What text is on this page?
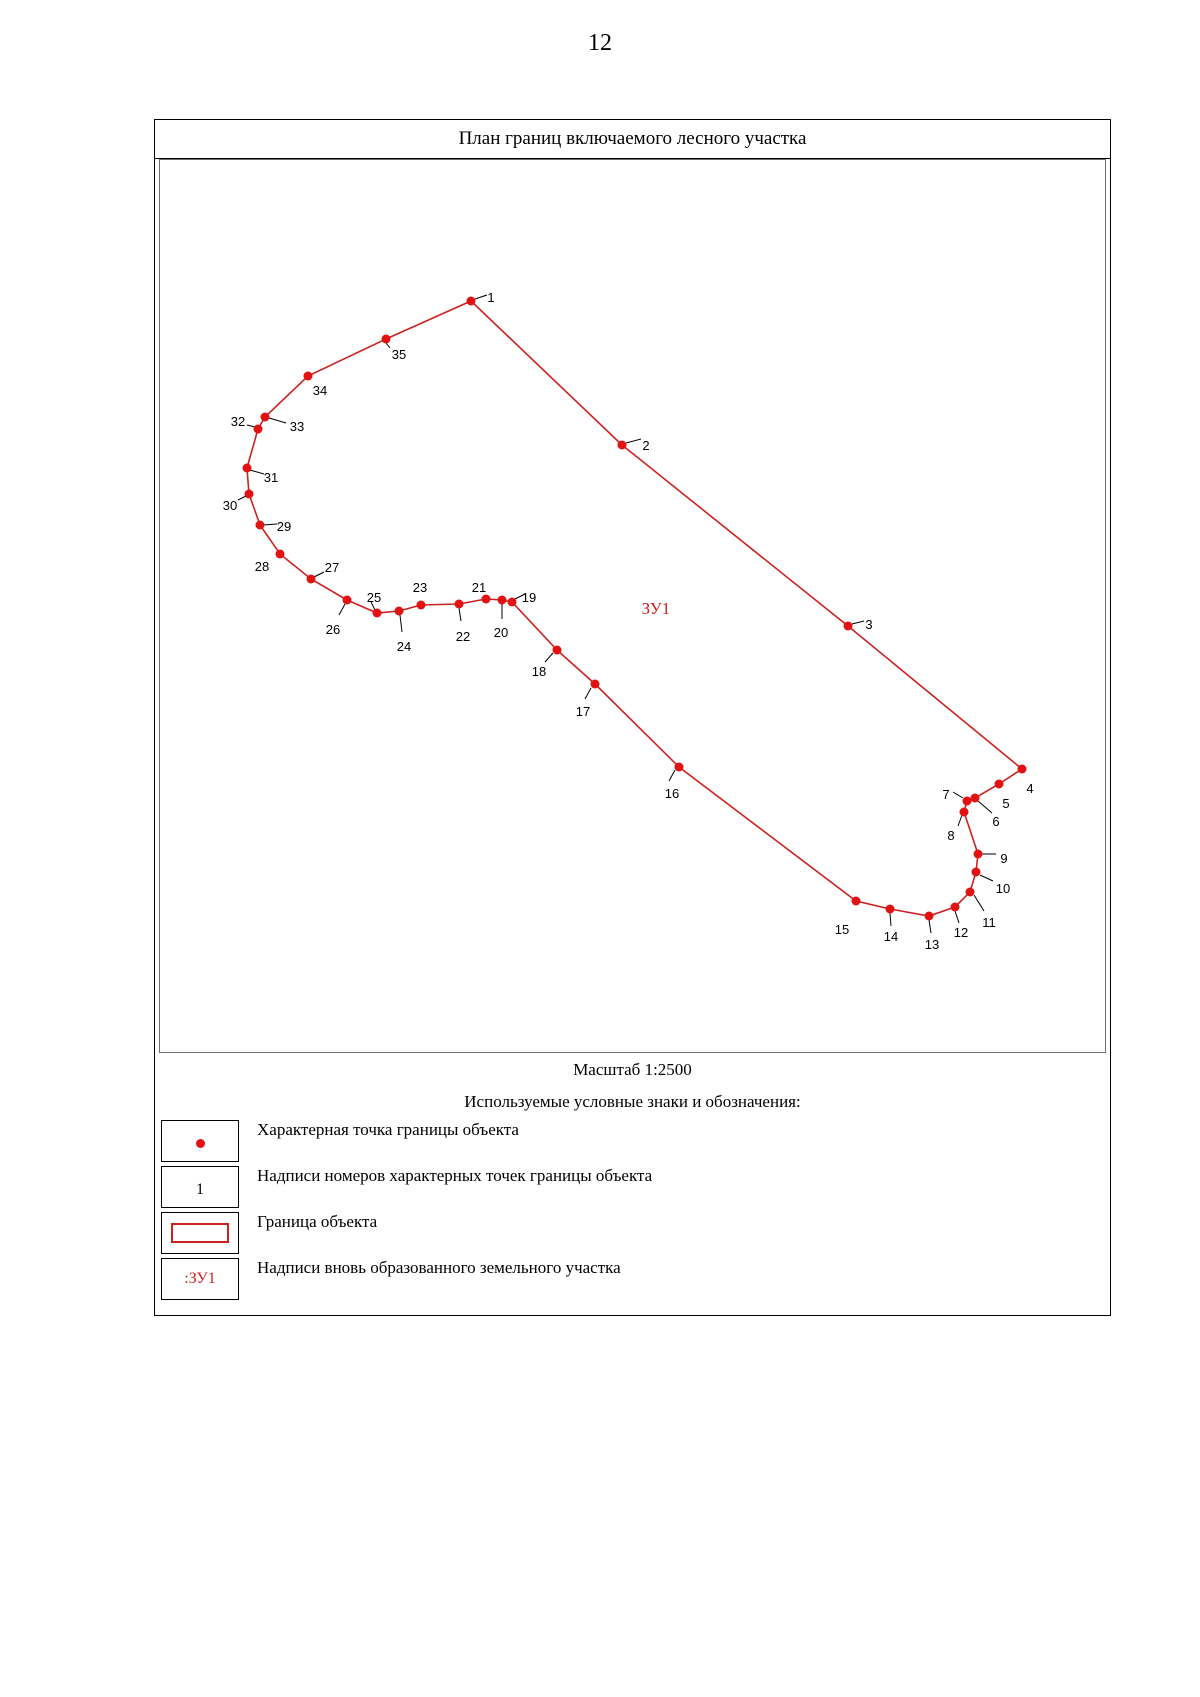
12
План границ включаемого лесного участка
1
2
3
4
5
6
7
8
9
10
11
12
13
14
15
16
17
18
19
20
21
22
23
24
25
26
27
28
29
30
31
32	33
34
35
ЗУ1
Масштаб 1:2500
Используемые условные знаки и обозначения:
Характерная точка границы объекта
1
Надписи номеров характерных точек границы объекта
Граница объекта
:ЗУ1
Надписи вновь образованного земельного участка
